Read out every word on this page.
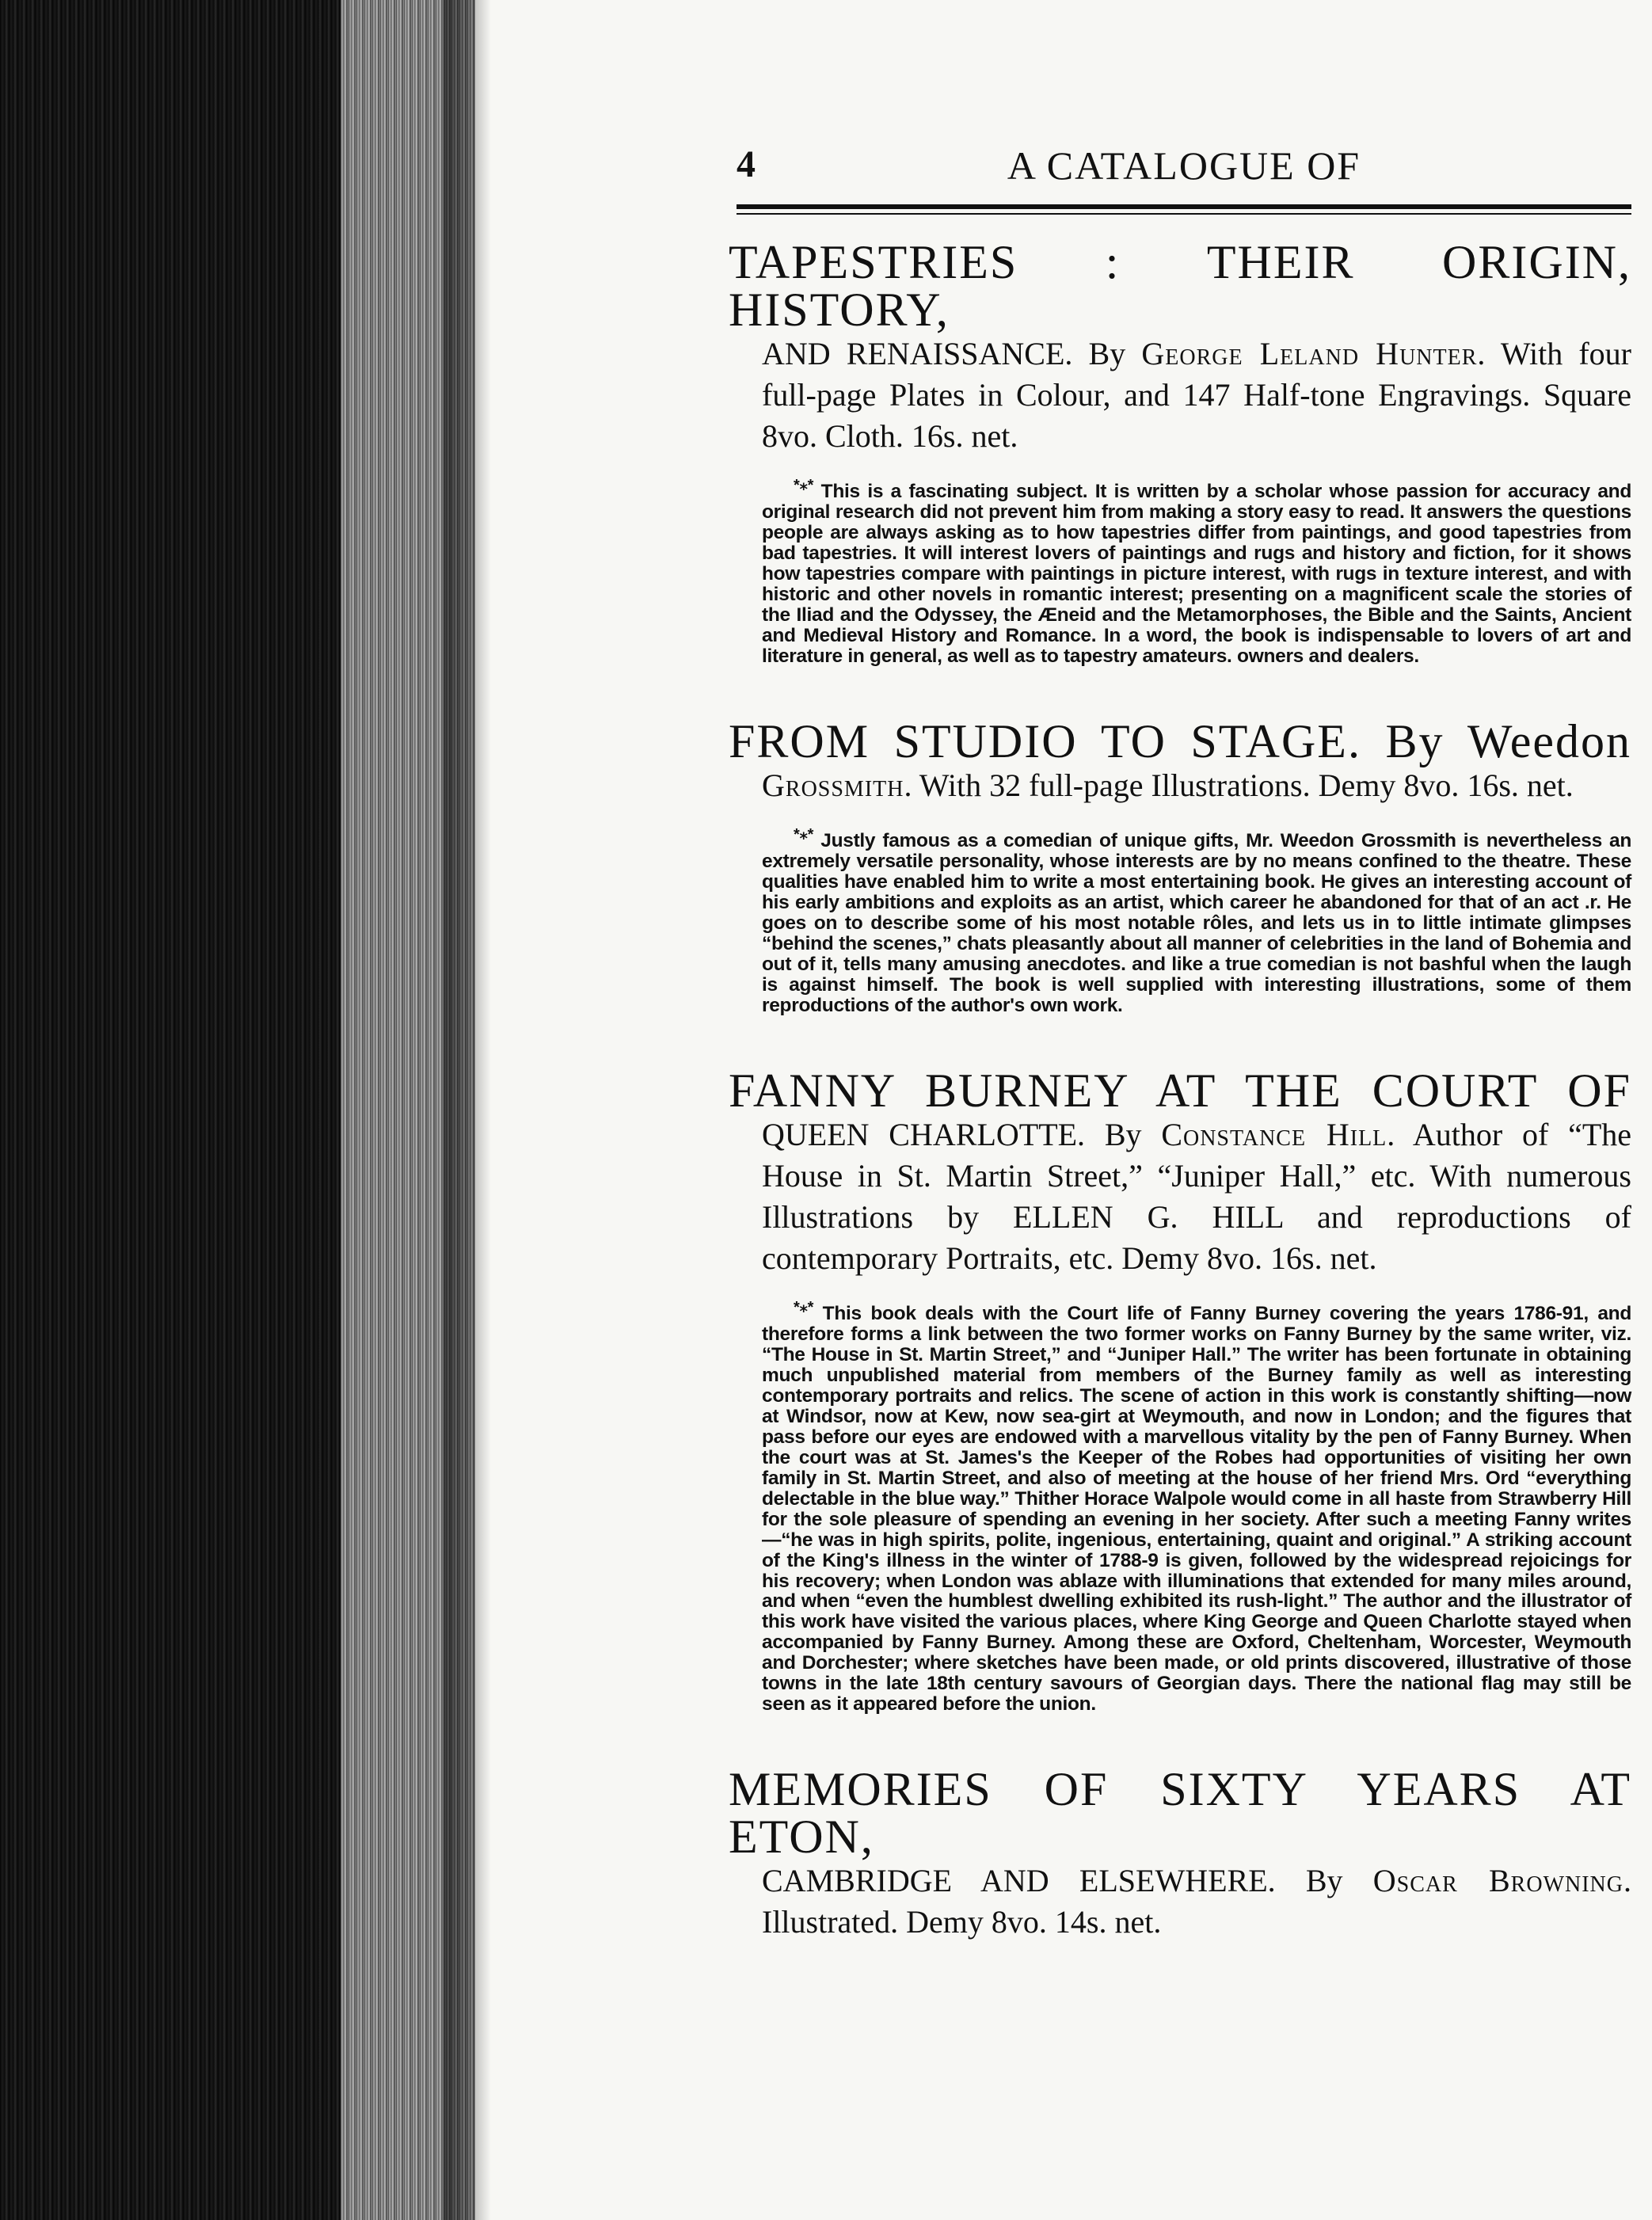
4	A CATALOGUE OF
TAPESTRIES : THEIR ORIGIN, HISTORY,
AND RENAISSANCE. By George Leland Hunter. With four full-page Plates in Colour, and 147 Half-tone Engravings. Square 8vo. Cloth. 16s. net.
*⁎* This is a fascinating subject. It is written by a scholar whose passion for accuracy and original research did not prevent him from making a story easy to read. It answers the questions people are always asking as to how tapestries differ from paintings, and good tapestries from bad tapestries. It will interest lovers of paintings and rugs and history and fiction, for it shows how tapestries compare with paintings in picture interest, with rugs in texture interest, and with historic and other novels in romantic interest; presenting on a magnificent scale the stories of the Iliad and the Odyssey, the Æneid and the Metamorphoses, the Bible and the Saints, Ancient and Medieval History and Romance. In a word, the book is indispensable to lovers of art and literature in general, as well as to tapestry amateurs. owners and dealers.
FROM STUDIO TO STAGE. By Weedon
Grossmith. With 32 full-page Illustrations. Demy 8vo. 16s. net.
*⁎* Justly famous as a comedian of unique gifts, Mr. Weedon Grossmith is nevertheless an extremely versatile personality, whose interests are by no means confined to the theatre. These qualities have enabled him to write a most entertaining book. He gives an interesting account of his early ambitions and exploits as an artist, which career he abandoned for that of an act .r. He goes on to describe some of his most notable rôles, and lets us in to little intimate glimpses “behind the scenes,” chats pleasantly about all manner of celebrities in the land of Bohemia and out of it, tells many amusing anecdotes. and like a true comedian is not bashful when the laugh is against himself. The book is well supplied with interesting illustrations, some of them reproductions of the author's own work.
FANNY BURNEY AT THE COURT OF
QUEEN CHARLOTTE. By Constance Hill. Author of “The House in St. Martin Street,” “Juniper Hall,” etc. With numerous Illustrations by ELLEN G. HILL and reproductions of contemporary Portraits, etc. Demy 8vo. 16s. net.
*⁎* This book deals with the Court life of Fanny Burney covering the years 1786-91, and therefore forms a link between the two former works on Fanny Burney by the same writer, viz. “The House in St. Martin Street,” and “Juniper Hall.” The writer has been fortunate in obtaining much unpublished material from members of the Burney family as well as interesting contemporary portraits and relics. The scene of action in this work is constantly shifting—now at Windsor, now at Kew, now sea-girt at Weymouth, and now in London; and the figures that pass before our eyes are endowed with a marvellous vitality by the pen of Fanny Burney. When the court was at St. James's the Keeper of the Robes had opportunities of visiting her own family in St. Martin Street, and also of meeting at the house of her friend Mrs. Ord “everything delectable in the blue way.” Thither Horace Walpole would come in all haste from Strawberry Hill for the sole pleasure of spending an evening in her society. After such a meeting Fanny writes—“he was in high spirits, polite, ingenious, entertaining, quaint and original.” A striking account of the King's illness in the winter of 1788-9 is given, followed by the widespread rejoicings for his recovery; when London was ablaze with illuminations that extended for many miles around, and when “even the humblest dwelling exhibited its rush-light.” The author and the illustrator of this work have visited the various places, where King George and Queen Charlotte stayed when accompanied by Fanny Burney. Among these are Oxford, Cheltenham, Worcester, Weymouth and Dorchester; where sketches have been made, or old prints discovered, illustrative of those towns in the late 18th century savours of Georgian days. There the national flag may still be seen as it appeared before the union.
MEMORIES OF SIXTY YEARS AT ETON,
CAMBRIDGE AND ELSEWHERE. By Oscar Browning. Illustrated. Demy 8vo. 14s. net.
